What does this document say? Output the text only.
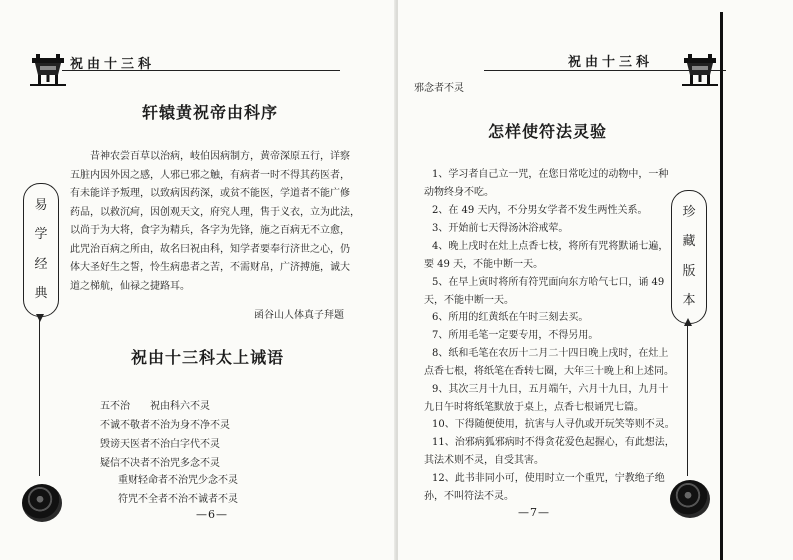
祝由十三科
易
学
经
典
轩辕黄祝帝由科序
昔神农尝百草以治病，岐伯因病制方，黄帝深原五行，详察
五脏内因外因之感，人邪已邪之触，有病者一时不得其药医者，
有未能详予叛理，以致病因药深，或贫不能医，学道者不能广修
药品，以救沉疴，因创观天文，府究人理，售于义衣，立为此法，
以尚于为大将，食字为精兵，各字为先锋，施之百病无不立愈，
此咒治百病之所由，故名曰祝由科，知学者要奉行济世之心，仍
体大圣好生之誓，怜生病患者之苦，不需财帛，广济搏施，诚大
道之梯航，仙禄之捷路耳。
函谷山人体真子拜题
祝由十三科太上诫语
五不治　　祝由科六不灵
不诚不敬者不治为身不净不灵
毁谤天医者不治白字代不灵
疑信不决者不治咒多念不灵
重财轻命者不治咒少念不灵
符咒不全者不治不诚者不灵
—6—
祝由十三科
邪念者不灵
怎样使符法灵验
1、学习者自己立一咒，在您日常吃过的动物中，一种动物终身不吃。
2、在 49 天内，不分男女学者不发生两性关系。
3、开始前七天得汤沐浴戒荤。
4、晚上戌时在灶上点香七枝，将所有咒将默诵七遍，要 49 天，不能中断一天。
5、在早上寅时将所有符咒面向东方哈气七口，诵 49 天，不能中断一天。
6、所用的红黄纸在午时三刻去买。
7、所用毛笔一定要专用，不得另用。
8、纸和毛笔在农历十二月二十四日晚上戌时，在灶上点香七根，将纸笔在香转七圈，大年三十晚上和上述同。
9、其次三月十九日，五月端午，六月十九日，九月十九日午时将纸笔默放于桌上，点香七根诵咒七篇。
10、下得随便使用，抗害与人寻仇或开玩笑等则不灵。
11、治邪病狐邪病时不得贪花爱色起握心，有此想法，其法术则不灵，自受其害。
12、此书非同小可，使用时立一个重咒，宁教绝子绝孙，不叫符法不灵。
—7—
珍
藏
版
本
